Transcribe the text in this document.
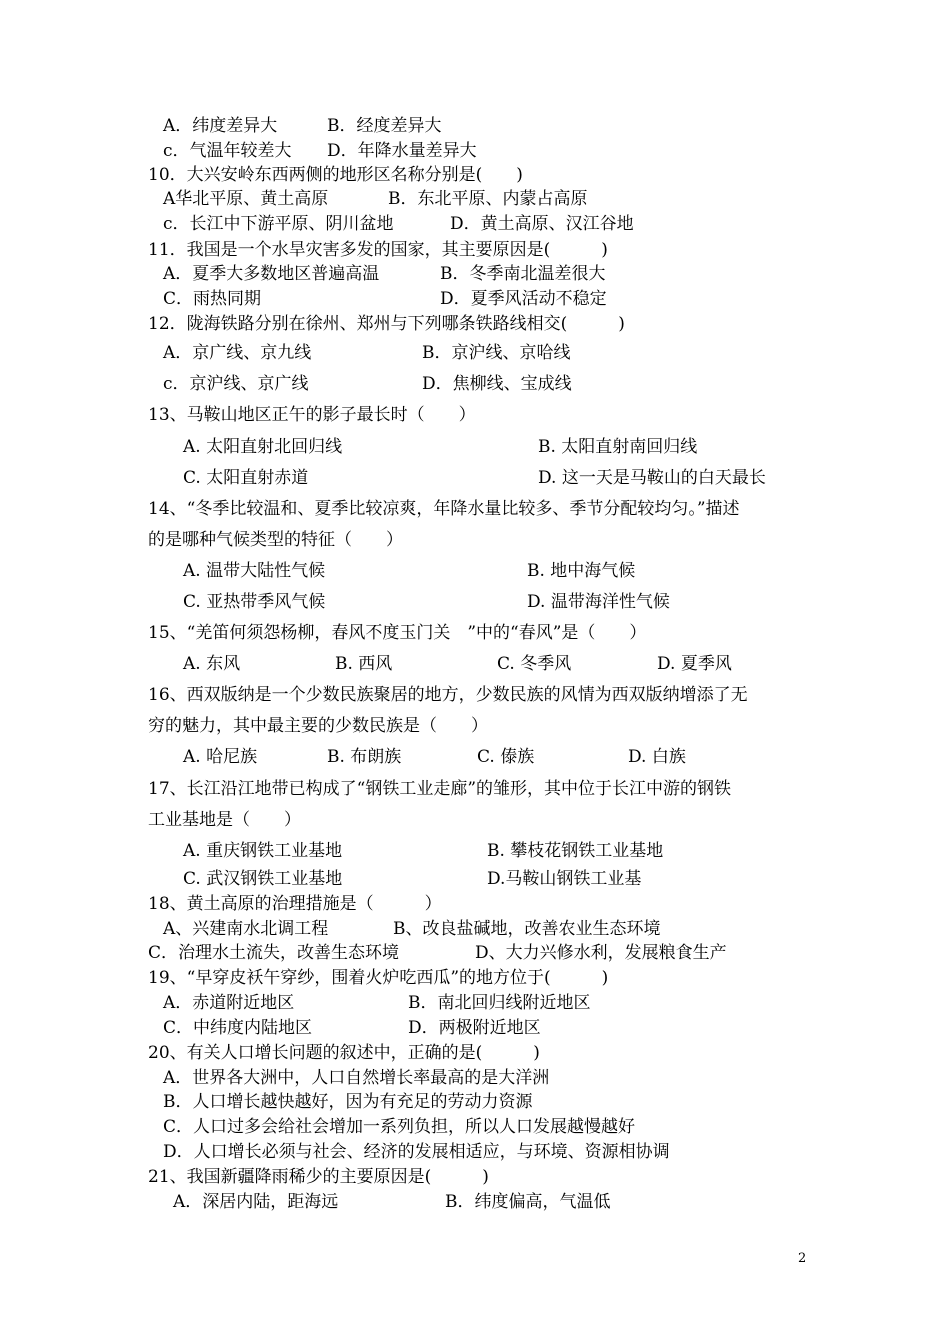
A．纬度差异大	B．经度差异大
c．气温年较差大 D．年降水量差异大
10．大兴安岭东西两侧的地形区名称分别是(　　)
A华北平原、黄土高原	B．东北平原、内蒙占高原
c．长江中下游平原、阴川盆地	D．黄土高原、汉江谷地
11．我国是一个水旱灾害多发的国家，其主要原因是(　　　)
A．夏季大多数地区普遍高温	B．冬季南北温差很大
C．雨热同期	D．夏季风活动不稳定
12．陇海铁路分别在徐州、郑州与下列哪条铁路线相交(　　　)
A．京广线、京九线	B．京沪线、京哈线
c．京沪线、京广线	D．焦柳线、宝成线
13、马鞍山地区正午的影子最长时（　　）
A. 太阳直射北回归线	B. 太阳直射南回归线
C. 太阳直射赤道	D. 这一天是马鞍山的白天最长
14、“冬季比较温和、夏季比较凉爽，年降水量比较多、季节分配较均匀。”描述
的是哪种气候类型的特征（　　）
A. 温带大陆性气候	B. 地中海气候
C. 亚热带季风气候	D. 温带海洋性气候
15、“羌笛何须怨杨柳，春风不度玉门关　”中的“春风”是（　　）
A. 东风	B. 西风	C. 冬季风	D. 夏季风
16、西双版纳是一个少数民族聚居的地方，少数民族的风情为西双版纳增添了无
穷的魅力，其中最主要的少数民族是（　　）
A. 哈尼族	B. 布朗族	C. 傣族	D. 白族
17、长江沿江地带已构成了“钢铁工业走廊”的雏形，其中位于长江中游的钢铁
工业基地是（　　）
A. 重庆钢铁工业基地	B. 攀枝花钢铁工业基地
C. 武汉钢铁工业基地	D.马鞍山钢铁工业基
18、黄土高原的治理措施是（　　　）
A、兴建南水北调工程	B、改良盐碱地，改善农业生态环境
C．治理水土流失，改善生态环境	D、大力兴修水利，发展粮食生产
19、“早穿皮袄午穿纱，围着火炉吃西瓜”的地方位于(　　　)
A．赤道附近地区	B．南北回归线附近地区
C．中纬度内陆地区	D．两极附近地区
20、有关人口增长问题的叙述中，正确的是(　　　)
A．世界各大洲中，人口自然增长率最高的是大洋洲
B．人口增长越快越好，因为有充足的劳动力资源
C．人口过多会给社会增加一系列负担，所以人口发展越慢越好
D．人口增长必须与社会、经济的发展相适应，与环境、资源相协调
21、我国新疆降雨稀少的主要原因是(　　　)
A．深居内陆，距海远	B．纬度偏高，气温低
2
